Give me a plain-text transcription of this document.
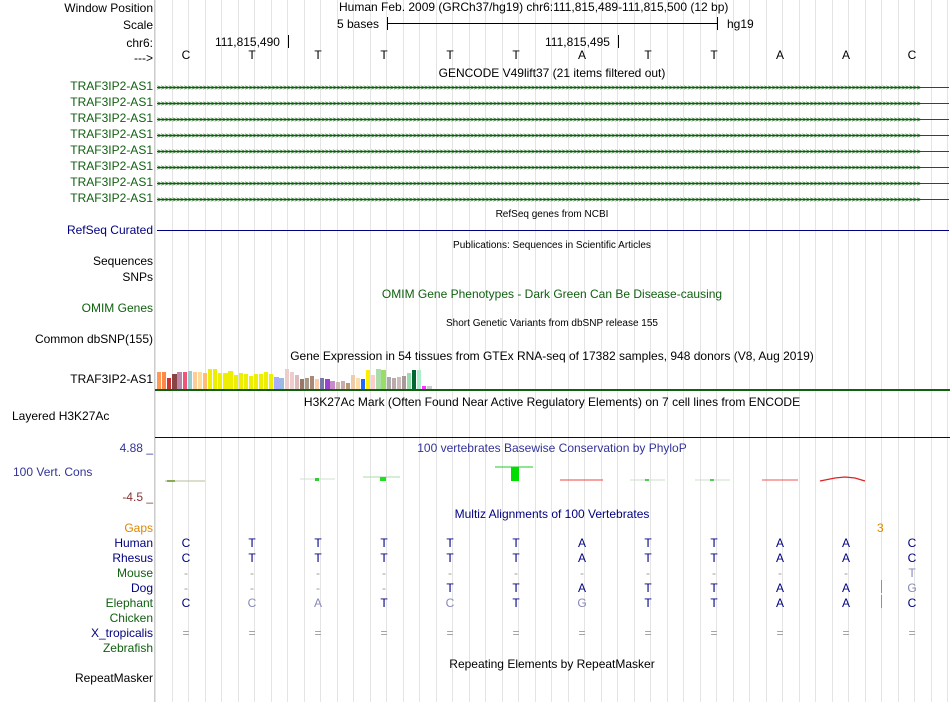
Window Position	Human Feb. 2009 (GRCh37/hg19) chr6:111,815,489-111,815,500 (12 bp)
Scale	5 bases	hg19
chr6:	111,815,490	111,815,495
---> C	T	T	T	T	T	A	T	T	A	A	C
GENCODE V49lift37 (21 items filtered out)
TRAF3IP2-AS1 >>>>>>>>>>>>>>>>>>>>>>>>>>>>>>>>>>>>>>>>>>>>>>>>>>>>>>>>>>>>>>>>>>>>>>>>>>>>>>>>>>>>>>>>>>>>>>>>>>>>>>>>>>>>>>>>>>>>>>>>>>>>>>>>>>>>>>>>>>>>>>>>>>>>>>>>>>>>>>>>>>>>>>>>>>>>>>>>>>>>>>>>>>>>>>>>>>>>>>>>
TRAF3IP2-AS1 >>>>>>>>>>>>>>>>>>>>>>>>>>>>>>>>>>>>>>>>>>>>>>>>>>>>>>>>>>>>>>>>>>>>>>>>>>>>>>>>>>>>>>>>>>>>>>>>>>>>>>>>>>>>>>>>>>>>>>>>>>>>>>>>>>>>>>>>>>>>>>>>>>>>>>>>>>>>>>>>>>>>>>>>>>>>>>>>>>>>>>>>>>>>>>>>>>>>>>>>
TRAF3IP2-AS1 >>>>>>>>>>>>>>>>>>>>>>>>>>>>>>>>>>>>>>>>>>>>>>>>>>>>>>>>>>>>>>>>>>>>>>>>>>>>>>>>>>>>>>>>>>>>>>>>>>>>>>>>>>>>>>>>>>>>>>>>>>>>>>>>>>>>>>>>>>>>>>>>>>>>>>>>>>>>>>>>>>>>>>>>>>>>>>>>>>>>>>>>>>>>>>>>>>>>>>>>
TRAF3IP2-AS1 >>>>>>>>>>>>>>>>>>>>>>>>>>>>>>>>>>>>>>>>>>>>>>>>>>>>>>>>>>>>>>>>>>>>>>>>>>>>>>>>>>>>>>>>>>>>>>>>>>>>>>>>>>>>>>>>>>>>>>>>>>>>>>>>>>>>>>>>>>>>>>>>>>>>>>>>>>>>>>>>>>>>>>>>>>>>>>>>>>>>>>>>>>>>>>>>>>>>>>>>
TRAF3IP2-AS1 >>>>>>>>>>>>>>>>>>>>>>>>>>>>>>>>>>>>>>>>>>>>>>>>>>>>>>>>>>>>>>>>>>>>>>>>>>>>>>>>>>>>>>>>>>>>>>>>>>>>>>>>>>>>>>>>>>>>>>>>>>>>>>>>>>>>>>>>>>>>>>>>>>>>>>>>>>>>>>>>>>>>>>>>>>>>>>>>>>>>>>>>>>>>>>>>>>>>>>>>
TRAF3IP2-AS1 >>>>>>>>>>>>>>>>>>>>>>>>>>>>>>>>>>>>>>>>>>>>>>>>>>>>>>>>>>>>>>>>>>>>>>>>>>>>>>>>>>>>>>>>>>>>>>>>>>>>>>>>>>>>>>>>>>>>>>>>>>>>>>>>>>>>>>>>>>>>>>>>>>>>>>>>>>>>>>>>>>>>>>>>>>>>>>>>>>>>>>>>>>>>>>>>>>>>>>>>
TRAF3IP2-AS1 >>>>>>>>>>>>>>>>>>>>>>>>>>>>>>>>>>>>>>>>>>>>>>>>>>>>>>>>>>>>>>>>>>>>>>>>>>>>>>>>>>>>>>>>>>>>>>>>>>>>>>>>>>>>>>>>>>>>>>>>>>>>>>>>>>>>>>>>>>>>>>>>>>>>>>>>>>>>>>>>>>>>>>>>>>>>>>>>>>>>>>>>>>>>>>>>>>>>>>>>
TRAF3IP2-AS1 >>>>>>>>>>>>>>>>>>>>>>>>>>>>>>>>>>>>>>>>>>>>>>>>>>>>>>>>>>>>>>>>>>>>>>>>>>>>>>>>>>>>>>>>>>>>>>>>>>>>>>>>>>>>>>>>>>>>>>>>>>>>>>>>>>>>>>>>>>>>>>>>>>>>>>>>>>>>>>>>>>>>>>>>>>>>>>>>>>>>>>>>>>>>>>>>>>>>>>>>
RefSeq genes from NCBI
RefSeq Curated
Publications: Sequences in Scientific Articles
Sequences
SNPs
OMIM Gene Phenotypes - Dark Green Can Be Disease-causing
OMIM Genes
Short Genetic Variants from dbSNP release 155
Common dbSNP(155)
Gene Expression in 54 tissues from GTEx RNA-seq of 17382 samples, 948 donors (V8, Aug 2019)
TRAF3IP2-AS1
H3K27Ac Mark (Often Found Near Active Regulatory Elements) on 7 cell lines from ENCODE
Layered H3K27Ac
100 vertebrates Basewise Conservation by PhyloP
4.88 _
100 Vert. Cons
-4.5 _
Multiz Alignments of 100 Vertebrates
Gaps	3
Human C	T	T	T	T	T	A	T	T	A	A	C
Rhesus C	T	T	T	T	T	A	T	T	A	A	C
Mouse	-	-	-	-	-	-	-	-	-	-	-	T
Dog	-	-	-	-	T	T	A	T	T	A	A	G
Elephant C	C	A	T	C	T	G	T	T	A	A	C
Chicken
X_tropicalis =	=	=	=	=	=	=	=	=	=	=	=
Zebrafish
Repeating Elements by RepeatMasker
RepeatMasker
